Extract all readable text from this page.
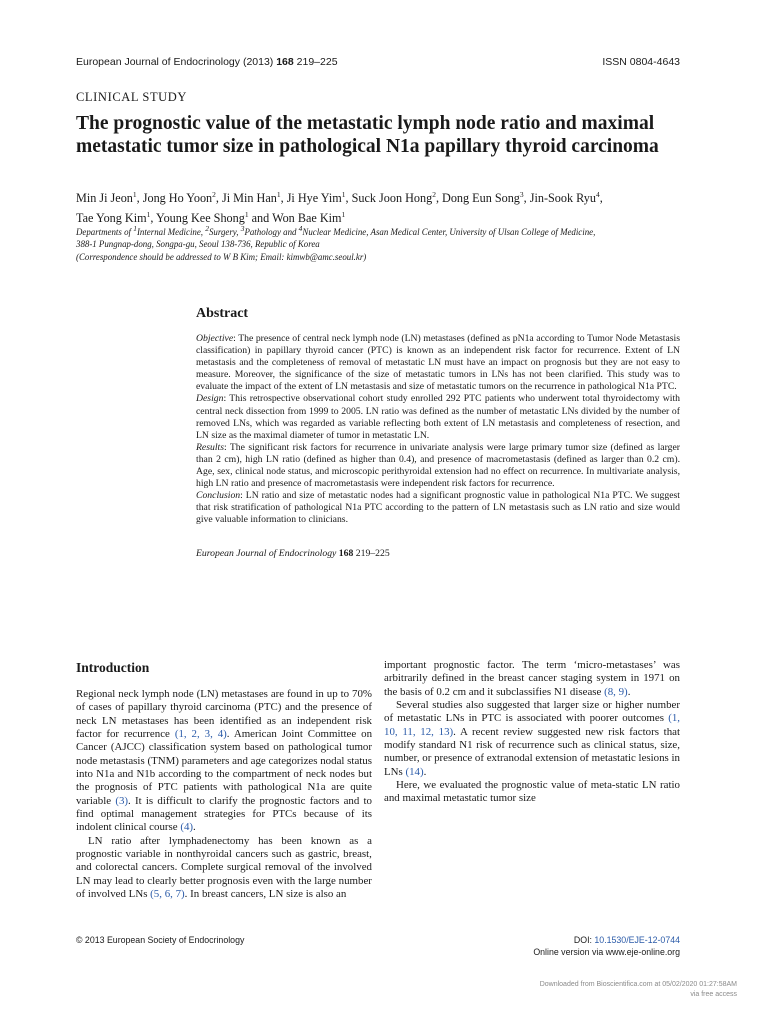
European Journal of Endocrinology (2013) 168 219–225	ISSN 0804-4643
CLINICAL STUDY
The prognostic value of the metastatic lymph node ratio and maximal metastatic tumor size in pathological N1a papillary thyroid carcinoma
Min Ji Jeon$^1$, Jong Ho Yoon$^2$, Ji Min Han$^1$, Ji Hye Yim$^1$, Suck Joon Hong$^2$, Dong Eun Song$^3$, Jin-Sook Ryu$^4$,
Tae Yong Kim$^1$, Young Kee Shong$^1$ and Won Bae Kim$^1$
Departments of $^1$Internal Medicine, $^2$Surgery, $^3$Pathology and $^4$Nuclear Medicine, Asan Medical Center, University of Ulsan College of Medicine,
388-1 Pungnap-dong, Songpa-gu, Seoul 138-736, Republic of Korea
(Correspondence should be addressed to W B Kim; Email: kimwb@amc.seoul.kr)
Abstract

Objective: The presence of central neck lymph node (LN) metastases (defined as pN1a according to Tumor Node Metastasis classification) in papillary thyroid cancer (PTC) is known as an independent risk factor for recurrence. Extent of LN metastasis and the completeness of removal of metastatic LN must have an impact on prognosis but they are not easy to measure. Moreover, the significance of the size of metastatic tumors in LNs has not been clarified. This study was to evaluate the impact of the extent of LN metastasis and size of metastatic tumors on the recurrence in pathological N1a PTC.

Design: This retrospective observational cohort study enrolled 292 PTC patients who underwent total thyroidectomy with central neck dissection from 1999 to 2005. LN ratio was defined as the number of metastatic LNs divided by the number of removed LNs, which was regarded as variable reflecting both extent of LN metastasis and completeness of resection, and LN size as the maximal diameter of tumor in metastatic LN.

Results: The significant risk factors for recurrence in univariate analysis were large primary tumor size (defined as larger than 2 cm), high LN ratio (defined as higher than 0.4), and presence of macrometastasis (defined as larger than 0.2 cm). Age, sex, clinical node status, and microscopic perithyroidal extension had no effect on recurrence. In multivariate analysis, high LN ratio and presence of macrometastasis were independent risk factors for recurrence.

Conclusion: LN ratio and size of metastatic nodes had a significant prognostic value in pathological N1a PTC. We suggest that risk stratification of pathological N1a PTC according to the pattern of LN metastasis such as LN ratio and size would give valuable information to clinicians.

European Journal of Endocrinology 168 219–225
Introduction

Regional neck lymph node (LN) metastases are found in up to 70% of cases of papillary thyroid carcinoma (PTC) and the presence of neck LN metastases has been identified as an independent risk factor for recurrence (1, 2, 3, 4). American Joint Committee on Cancer (AJCC) classification system based on pathological tumor node metastasis (TNM) parameters and age categorizes nodal status into N1a and N1b according to the compartment of neck nodes but the prognosis of PTC patients with pathological N1a are quite variable (3). It is difficult to clarify the prognostic factors and to find optimal management strategies for PTCs because of its indolent clinical course (4).

LN ratio after lymphadenectomy has been known as a prognostic variable in nonthyroidal cancers such as gastric, breast, and colorectal cancers. Complete surgical removal of the involved LN may lead to clearly better prognosis even with the large number of involved LNs (5, 6, 7). In breast cancers, LN size is also an

important prognostic factor. The term ‘micro-metastases’ was arbitrarily defined in the breast cancer staging system in 1971 on the basis of 0.2 cm and it subclassifies N1 disease (8, 9).

Several studies also suggested that larger size or higher number of metastatic LNs in PTC is associated with poorer outcomes (1, 10, 11, 12, 13). A recent review suggested new risk factors that modify standard N1 risk of recurrence such as clinical status, size, number, or presence of extranodal extension of metastatic lesions in LNs (14).

Here, we evaluated the prognostic value of meta-static LN ratio and maximal metastatic tumor size

© 2013 European Society of Endocrinology	DOI: 10.1530/EJE-12-0744
Online version via www.eje-online.org
Downloaded from Bioscientifica.com at 05/02/2020 01:27:58AM
via free access
